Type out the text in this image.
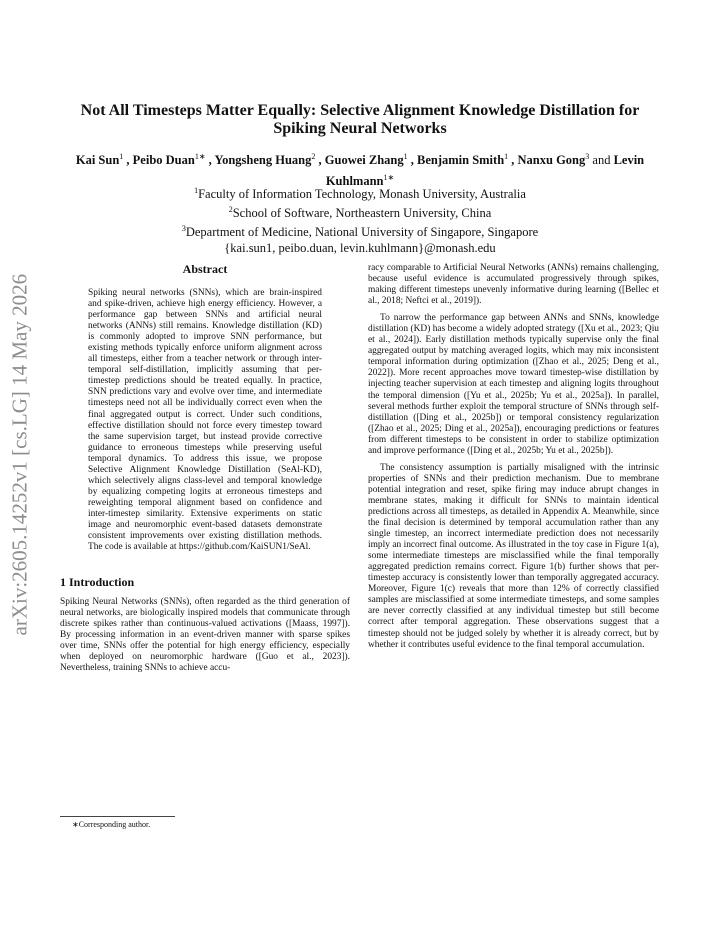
arXiv:2605.14252v1 [cs.LG] 14 May 2026
Not All Timesteps Matter Equally: Selective Alignment Knowledge Distillation for
Spiking Neural Networks
Kai Sun$^1$ , Peibo Duan$^{1∗}$ , Yongsheng Huang$^2$ , Guowei Zhang$^1$ , Benjamin Smith$^1$ , Nanxu Gong$^3$ and Levin Kuhlmann$^{1∗}$
$^1$Faculty of Information Technology, Monash University, Australia
$^2$School of Software, Northeastern University, China
$^3$Department of Medicine, National University of Singapore, Singapore
{kai.sun1, peibo.duan, levin.kuhlmann}@monash.edu
Abstract
Spiking neural networks (SNNs), which are brain-inspired and spike-driven, achieve high energy efficiency. However, a performance gap between SNNs and artificial neural networks (ANNs) still remains. Knowledge distillation (KD) is commonly adopted to improve SNN performance, but existing methods typically enforce uniform alignment across all timesteps, either from a teacher network or through inter-temporal self-distillation, implicitly assuming that per-timestep predictions should be treated equally. In practice, SNN predictions vary and evolve over time, and intermediate timesteps need not all be individually correct even when the final aggregated output is correct. Under such conditions, effective distillation should not force every timestep toward the same supervision target, but instead provide corrective guidance to erroneous timesteps while preserving useful temporal dynamics. To address this issue, we propose Selective Alignment Knowledge Distillation (SeAl-KD), which selectively aligns class-level and temporal knowledge by equalizing competing logits at erroneous timesteps and reweighting temporal alignment based on confidence and inter-timestep similarity. Extensive experiments on static image and neuromorphic event-based datasets demonstrate consistent improvements over existing distillation methods. The code is available at https://github.com/KaiSUN1/SeAl.
1 Introduction

Spiking Neural Networks (SNNs), often regarded as the third generation of neural networks, are biologically inspired models that communicate through discrete spikes rather than continuous-valued activations ([Maass, 1997]). By processing information in an event-driven manner with sparse spikes over time, SNNs offer the potential for high energy efficiency, especially when deployed on neuromorphic hardware ([Guo et al., 2023]). Nevertheless, training SNNs to achieve accu-

racy comparable to Artificial Neural Networks (ANNs) remains challenging, because useful evidence is accumulated progressively through spikes, making different timesteps unevenly informative during learning ([Bellec et al., 2018; Neftci et al., 2019]).

To narrow the performance gap between ANNs and SNNs, knowledge distillation (KD) has become a widely adopted strategy ([Xu et al., 2023; Qiu et al., 2024]). Early distillation methods typically supervise only the final aggregated output by matching averaged logits, which may mix inconsistent temporal information during optimization ([Zhao et al., 2025; Deng et al., 2022]). More recent approaches move toward timestep-wise distillation by injecting teacher supervision at each timestep and aligning logits throughout the temporal dimension ([Yu et al., 2025b; Yu et al., 2025a]). In parallel, several methods further exploit the temporal structure of SNNs through self-distillation ([Ding et al., 2025b]) or temporal consistency regularization ([Zhao et al., 2025; Ding et al., 2025a]), encouraging predictions or features from different timesteps to be consistent in order to stabilize optimization and improve performance ([Ding et al., 2025b; Yu et al., 2025b]).

The consistency assumption is partially misaligned with the intrinsic properties of SNNs and their prediction mechanism. Due to membrane potential integration and reset, spike firing may induce abrupt changes in membrane states, making it difficult for SNNs to maintain identical predictions across all timesteps, as detailed in Appendix A. Meanwhile, since the final decision is determined by temporal accumulation rather than any single timestep, an incorrect intermediate prediction does not necessarily imply an incorrect final outcome. As illustrated in the toy case in Figure 1(a), some intermediate timesteps are misclassified while the final temporally aggregated prediction remains correct. Figure 1(b) further shows that per-timestep accuracy is consistently lower than temporally aggregated accuracy. Moreover, Figure 1(c) reveals that more than 12% of correctly classified samples are misclassified at some intermediate timesteps, and some samples are never correctly classified at any individual timestep but still become correct after temporal aggregation. These observations suggest that a timestep should not be judged solely by whether it is already correct, but by whether it contributes useful evidence to the final temporal accumulation.

∗Corresponding author.
